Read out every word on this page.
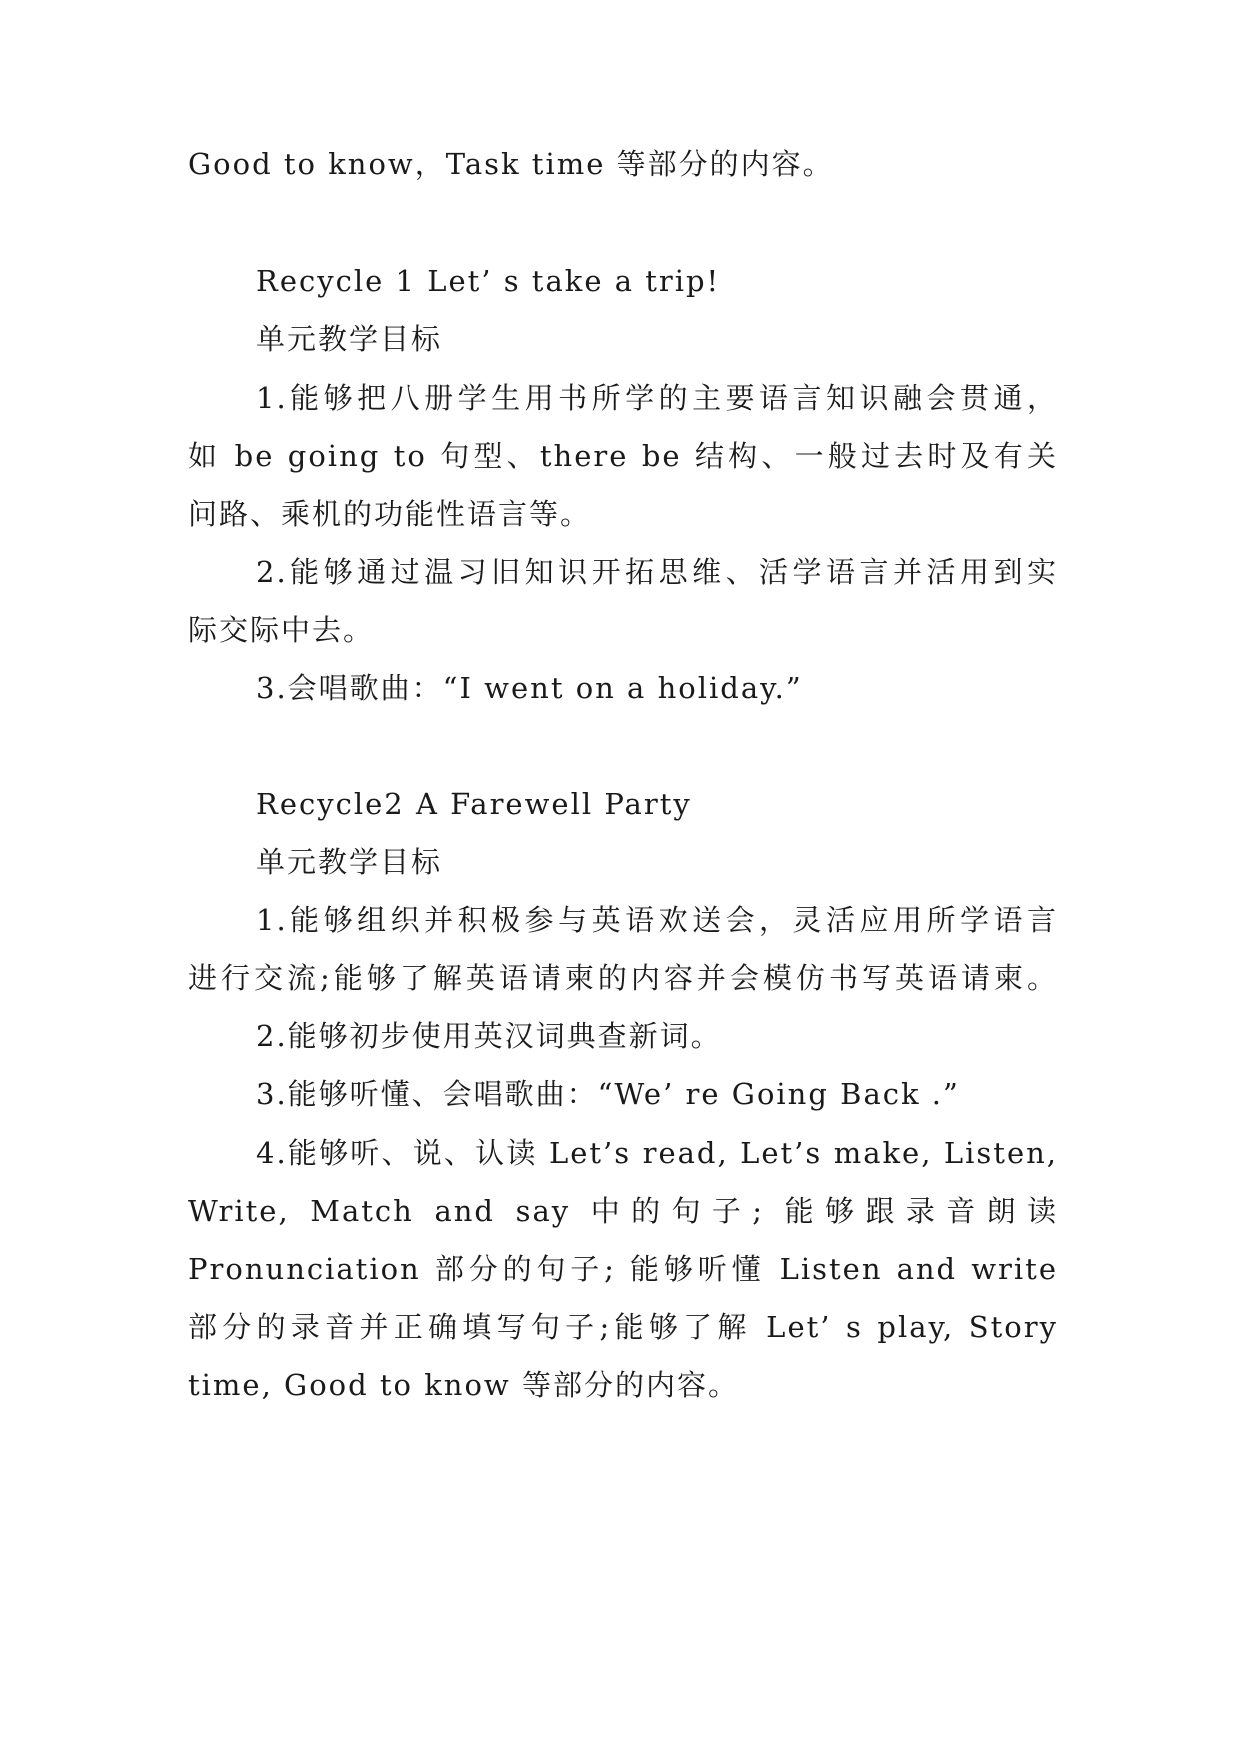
Good to know，Task time 等部分的内容。
Recycle 1 Let’ s take a trip!
单元教学目标
1.能够把八册学生用书所学的主要语言知识融会贯通，
如 be going to 句型、there be 结构、一般过去时及有关
问路、乘机的功能性语言等。
2.能够通过温习旧知识开拓思维、活学语言并活用到实
际交际中去。
3.会唱歌曲：“I went on a holiday.”
Recycle2 A Farewell Party
单元教学目标
1.能够组织并积极参与英语欢送会，灵活应用所学语言
进行交流;能够了解英语请柬的内容并会模仿书写英语请柬。
2.能够初步使用英汉词典查新词。
3.能够听懂、会唱歌曲：“We’ re Going Back .”
4.能够听、说、认读 Let’s read, Let’s make, Listen,
Write, Match and say 中的句子; 能够跟录音朗读
Pronunciation 部分的句子; 能够听懂 Listen and write
部分的录音并正确填写句子;能够了解 Let’ s play, Story
time, Good to know 等部分的内容。
